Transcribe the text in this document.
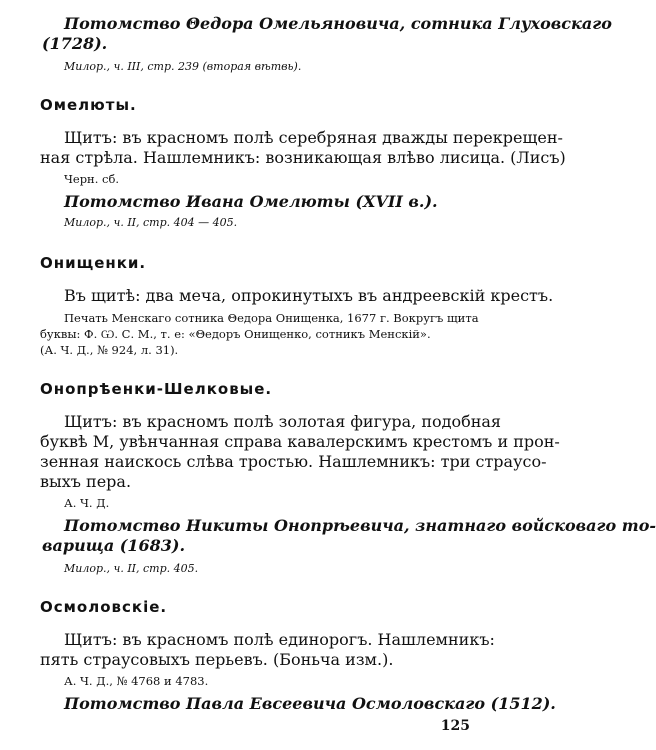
Потомство Θедора Омельяновича, сотника Глуховскаго
(1728).
Милор., ч. III, стр. 239 (вторая вѣтвь).
Омелюты.
Щитъ: въ красномъ полѣ серебряная дважды перекрещен-
ная стрѣла. Нашлемникъ: возникающая влѣво лисица. (Лисъ)
Черн. сб.
Потомство Ивана Омелюты (XVII в.).
Милор., ч. II, стр. 404 — 405.
Онищенки.
Въ щитѣ: два меча, опрокинутыхъ въ андреевскій крестъ.
Печать Менскаго сотника Θедора Онищенка, 1677 г. Вокругъ щита
буквы: Ф. Ѡ. С. М., т. е: «Θедоръ Онищенко, сотникъ Менскій».
(А. Ч. Д., № 924, л. 31).
Онопрѣенки-Шелковые.
Щитъ: въ красномъ полѣ золотая фигура, подобная
буквѣ М, увѣнчанная справа кавалерскимъ крестомъ и прон-
зенная наискось слѣва тростью. Нашлемникъ: три страусо-
выхъ пера.
А. Ч. Д.
Потомство Никиты Онопрѣевича, знатнаго войсковаго то-
варища (1683).
Милор., ч. II, стр. 405.
Осмоловскіе.
Щитъ: въ красномъ полѣ единорогъ. Нашлемникъ:
пять страусовыхъ перьевъ. (Боньча изм.).
А. Ч. Д., № 4768 и 4783.
Потомство Павла Евсеевича Осмоловскаго (1512).
125
